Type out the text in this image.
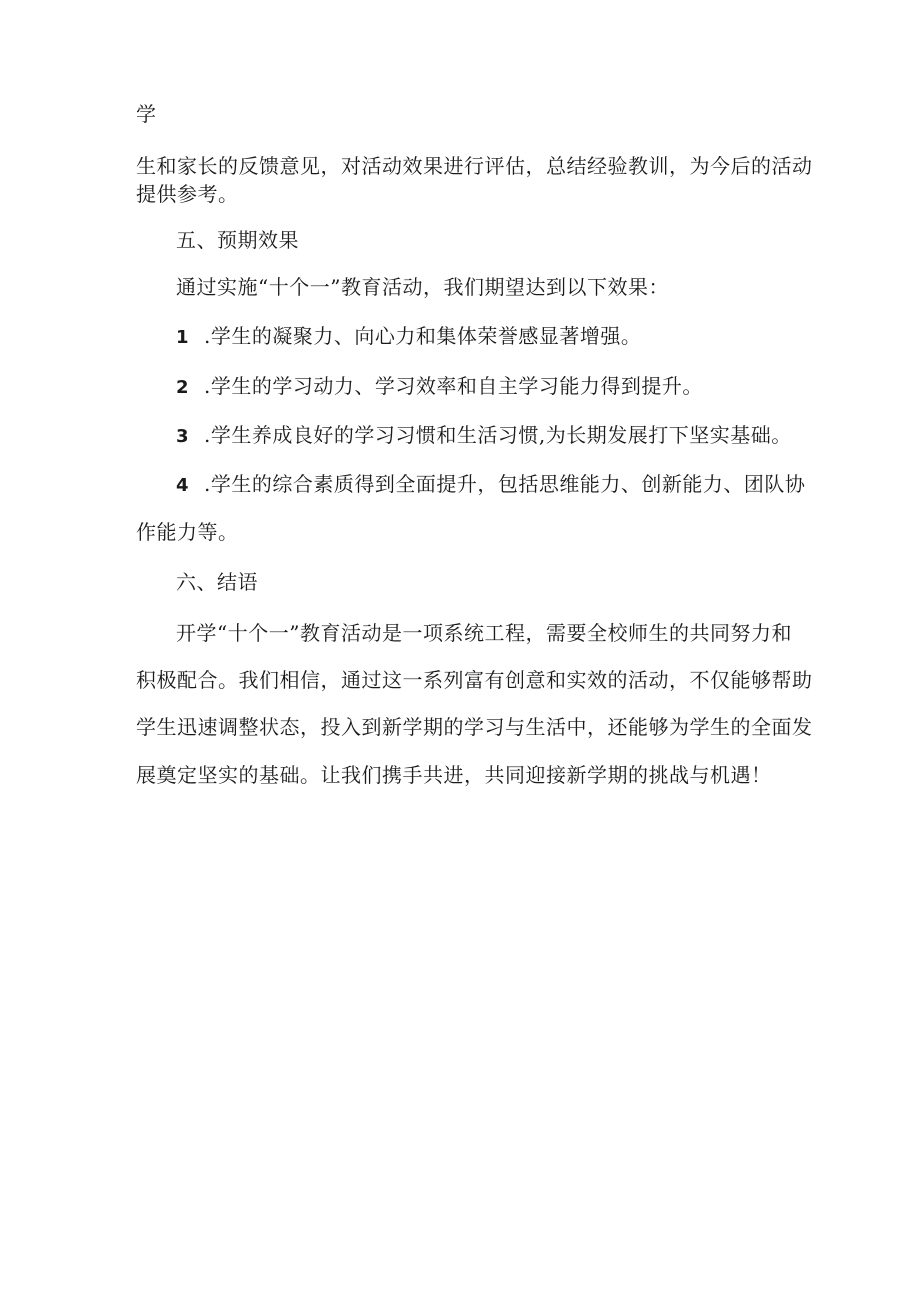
学
生和家长的反馈意见，对活动效果进行评估，总结经验教训，为今后的活动
提供参考。
五、预期效果
通过实施“十个一”教育活动，我们期望达到以下效果：
1 .学生的凝聚力、向心力和集体荣誉感显著增强。
2 .学生的学习动力、学习效率和自主学习能力得到提升。
3 .学生养成良好的学习习惯和生活习惯,为长期发展打下坚实基础。
4 .学生的综合素质得到全面提升，包括思维能力、创新能力、团队协
作能力等。
六、结语
开学“十个一”教育活动是一项系统工程，需要全校师生的共同努力和
积极配合。我们相信，通过这一系列富有创意和实效的活动，不仅能够帮助
学生迅速调整状态，投入到新学期的学习与生活中，还能够为学生的全面发
展奠定坚实的基础。让我们携手共进，共同迎接新学期的挑战与机遇！
